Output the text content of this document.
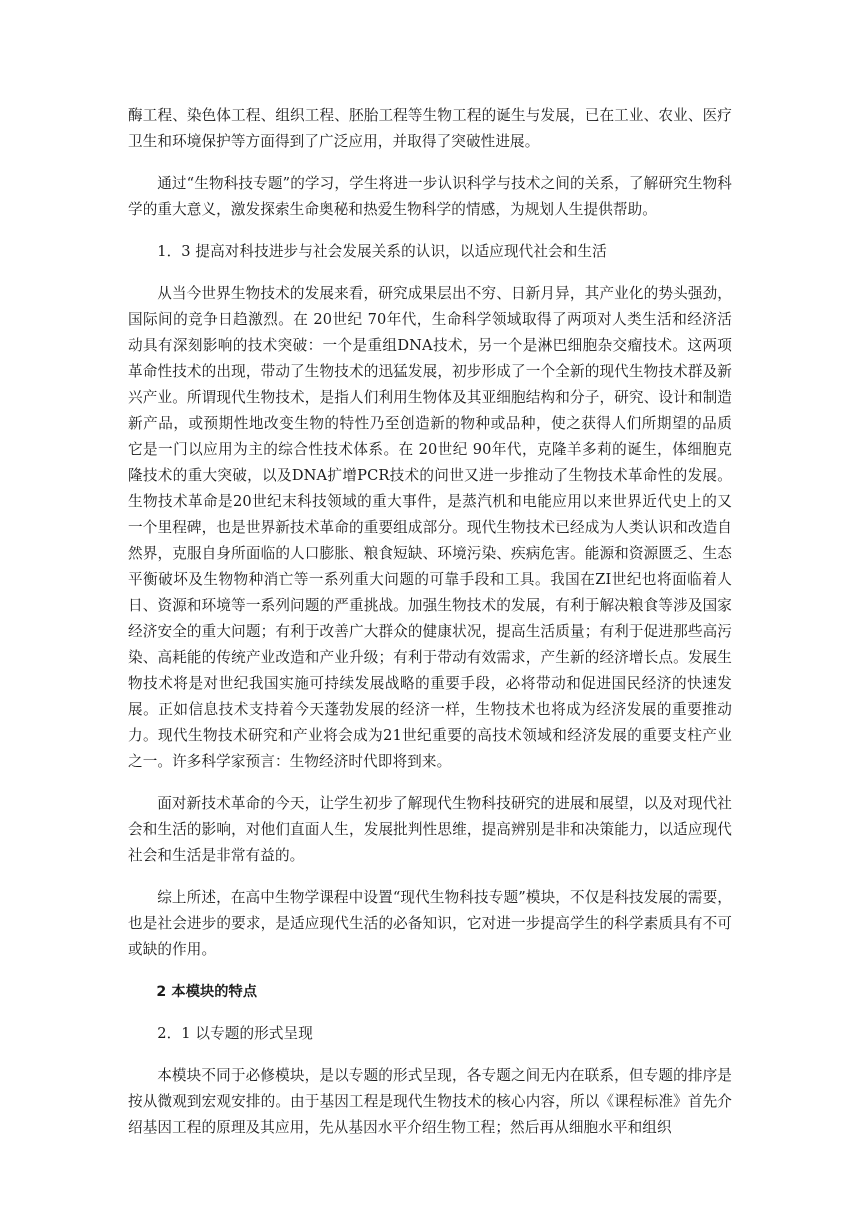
酶工程、染色体工程、组织工程、胚胎工程等生物工程的诞生与发展，已在工业、农业、医疗卫生和环境保护等方面得到了广泛应用，并取得了突破性进展。

通过“生物科技专题”的学习，学生将进一步认识科学与技术之间的关系，了解研究生物科学的重大意义，激发探索生命奥秘和热爱生物科学的情感，为规划人生提供帮助。

1．3 提高对科技进步与社会发展关系的认识，以适应现代社会和生活

从当今世界生物技术的发展来看，研究成果层出不穷、日新月异，其产业化的势头强劲，国际间的竞争日趋激烈。在 20世纪 70年代，生命科学领域取得了两项对人类生活和经济活动具有深刻影响的技术突破：一个是重组DNA技术，另一个是淋巴细胞杂交瘤技术。这两项革命性技术的出现，带动了生物技术的迅猛发展，初步形成了一个全新的现代生物技术群及新兴产业。所谓现代生物技术，是指人们利用生物体及其亚细胞结构和分子，研究、设计和制造新产品，或预期性地改变生物的特性乃至创造新的物种或品种，使之获得人们所期望的品质 它是一门以应用为主的综合性技术体系。在 20世纪 90年代，克隆羊多莉的诞生，体细胞克隆技术的重大突破，以及DNA扩增PCR技术的问世又进一步推动了生物技术革命性的发展。生物技术革命是20世纪末科技领域的重大事件，是蒸汽机和电能应用以来世界近代史上的又一个里程碑，也是世界新技术革命的重要组成部分。现代生物技术已经成为人类认识和改造自然界，克服自身所面临的人口膨胀、粮食短缺、环境污染、疾病危害。能源和资源匮乏、生态平衡破坏及生物物种消亡等一系列重大问题的可靠手段和工具。我国在ZI世纪也将面临着人日、资源和环境等一系列问题的严重挑战。加强生物技术的发展，有利于解决粮食等涉及国家经济安全的重大问题；有利于改善广大群众的健康状况，提高生活质量；有利于促进那些高污染、高耗能的传统产业改造和产业升级；有利于带动有效需求，产生新的经济增长点。发展生物技术将是对世纪我国实施可持续发展战略的重要手段，必将带动和促进国民经济的快速发展。正如信息技术支持着今天蓬勃发展的经济一样，生物技术也将成为经济发展的重要推动力。现代生物技术研究和产业将会成为21世纪重要的高技术领域和经济发展的重要支柱产业之一。许多科学家预言：生物经济时代即将到来。

面对新技术革命的今天，让学生初步了解现代生物科技研究的进展和展望，以及对现代社会和生活的影响，对他们直面人生，发展批判性思维，提高辨别是非和决策能力，以适应现代社会和生活是非常有益的。

综上所述，在高中生物学课程中设置“现代生物科技专题”模块，不仅是科技发展的需要，也是社会进步的要求，是适应现代生活的必备知识，它对进一步提高学生的科学素质具有不可或缺的作用。

2 本模块的特点

2．1 以专题的形式呈现

本模块不同于必修模块，是以专题的形式呈现，各专题之间无内在联系，但专题的排序是按从微观到宏观安排的。由于基因工程是现代生物技术的核心内容，所以《课程标准》首先介绍基因工程的原理及其应用，先从基因水平介绍生物工程；然后再从细胞水平和组织
